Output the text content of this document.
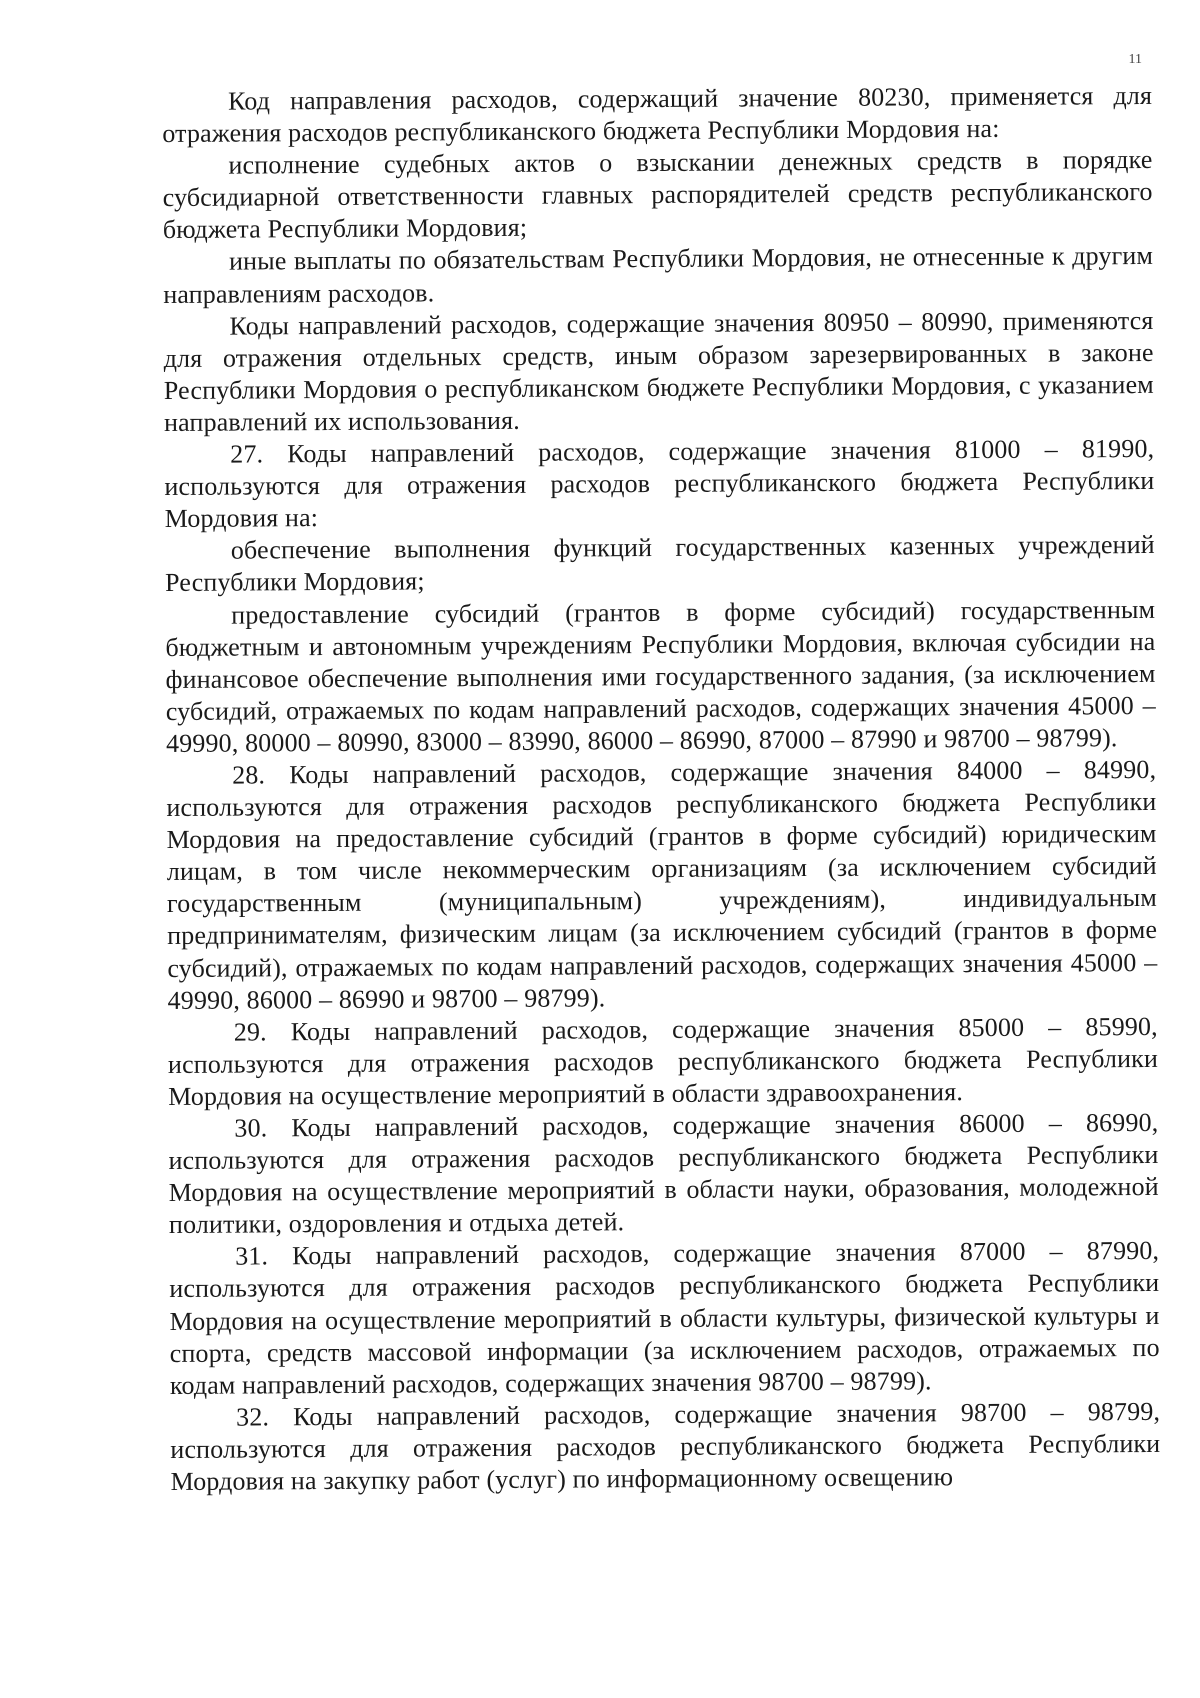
11

Код направления расходов, содержащий значение 80230, применяется для отражения расходов республиканского бюджета Республики Мордовия на:

исполнение судебных актов о взыскании денежных средств в порядке субсидиарной ответственности главных распорядителей средств республиканского бюджета Республики Мордовия;

иные выплаты по обязательствам Республики Мордовия, не отнесенные к другим направлениям расходов.

Коды направлений расходов, содержащие значения 80950 – 80990, применяются для отражения отдельных средств, иным образом зарезервированных в законе Республики Мордовия о республиканском бюджете Республики Мордовия, с указанием направлений их использования.

27. Коды направлений расходов, содержащие значения 81000 – 81990, используются для отражения расходов республиканского бюджета Республики Мордовия на:

обеспечение выполнения функций государственных казенных учреждений Республики Мордовия;

предоставление субсидий (грантов в форме субсидий) государственным бюджетным и автономным учреждениям Республики Мордовия, включая субсидии на финансовое обеспечение выполнения ими государственного задания, (за исключением субсидий, отражаемых по кодам направлений расходов, содержащих значения 45000 – 49990, 80000 – 80990, 83000 – 83990, 86000 – 86990, 87000 – 87990 и 98700 – 98799).

28. Коды направлений расходов, содержащие значения 84000 – 84990, используются для отражения расходов республиканского бюджета Республики Мордовия на предоставление субсидий (грантов в форме субсидий) юридическим лицам, в том числе некоммерческим организациям (за исключением субсидий государственным (муниципальным) учреждениям), индивидуальным предпринимателям, физическим лицам (за исключением субсидий (грантов в форме субсидий), отражаемых по кодам направлений расходов, содержащих значения 45000 – 49990, 86000 – 86990 и 98700 – 98799).

29. Коды направлений расходов, содержащие значения 85000 – 85990, используются для отражения расходов республиканского бюджета Республики Мордовия на осуществление мероприятий в области здравоохранения.

30. Коды направлений расходов, содержащие значения 86000 – 86990, используются для отражения расходов республиканского бюджета Республики Мордовия на осуществление мероприятий в области науки, образования, молодежной политики, оздоровления и отдыха детей.

31. Коды направлений расходов, содержащие значения 87000 – 87990, используются для отражения расходов республиканского бюджета Республики Мордовия на осуществление мероприятий в области культуры, физической культуры и спорта, средств массовой информации (за исключением расходов, отражаемых по кодам направлений расходов, содержащих значения 98700 – 98799).

32. Коды направлений расходов, содержащие значения 98700 – 98799, используются для отражения расходов республиканского бюджета Республики Мордовия на закупку работ (услуг) по информационному освещению
